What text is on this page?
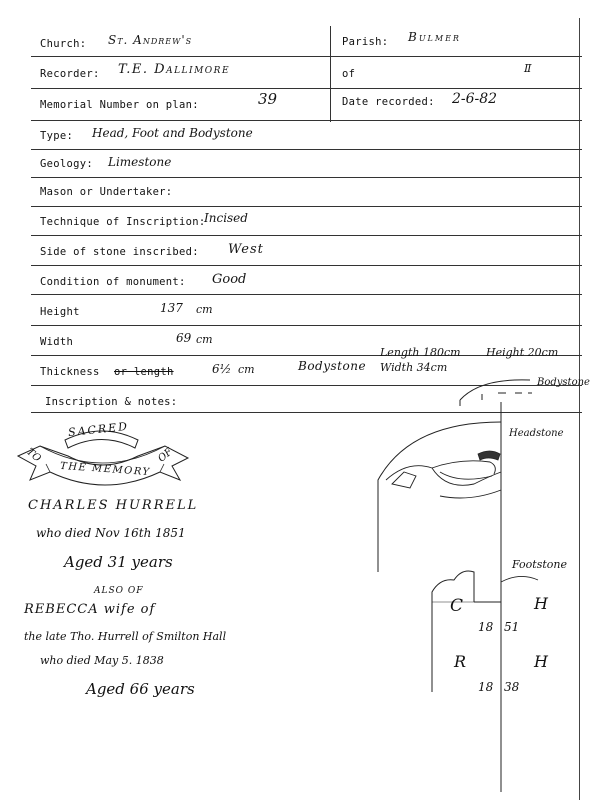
Church: St. Andrew's	Parish: Bulmer
Recorder: T.E. Dallimore	of	Ⅱ
Memorial Number on plan:	39	Date recorded: 2-6-82
Type: Head, Foot and Bodystone
Geology: Limestone
Mason or Undertaker:
Technique of Inscription:
Incised
Side of stone inscribed: West
Condition of monument: Good
Height	137 cm
Width	69 cm
Thickness or length	6½ cm	Bodystone
Length 180cm Height 20cm
Width 34cm
Inscription & notes:
SACRED
TO
THE MEMORY
OF
CHARLES HURRELL
who died Nov 16th 1851
Aged 31 years
ALSO OF
REBECCA wife of
the late Tho. Hurrell of Smilton Hall
who died May 5. 1838
Aged 66 years
Bodystone
Headstone
Footstone
C	H
18 51
R	H
18 38
